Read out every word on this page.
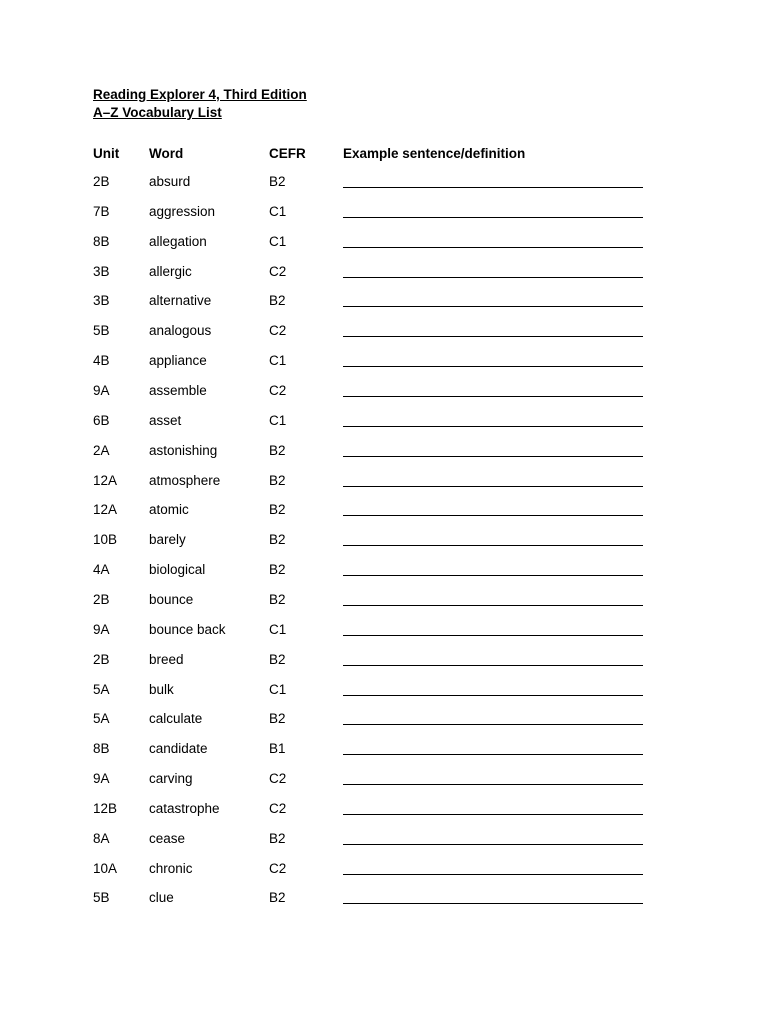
Reading Explorer 4, Third Edition
A–Z Vocabulary List
Unit Word	CEFR	Example sentence/definition
2B	absurd	B2
7B	aggression	C1
8B	allegation	C1
3B	allergic	C2
3B	alternative	B2
5B	analogous	C2
4B	appliance	C1
9A	assemble	C2
6B	asset	C1
2A	astonishing	B2
12A atmosphere	B2
12A atomic	B2
10B barely	B2
4A	biological	B2
2B	bounce	B2
9A	bounce back	C1
2B	breed	B2
5A	bulk	C1
5A	calculate	B2
8B	candidate	B1
9A	carving	C2
12B catastrophe	C2
8A	cease	B2
10A chronic	C2
5B	clue	B2
